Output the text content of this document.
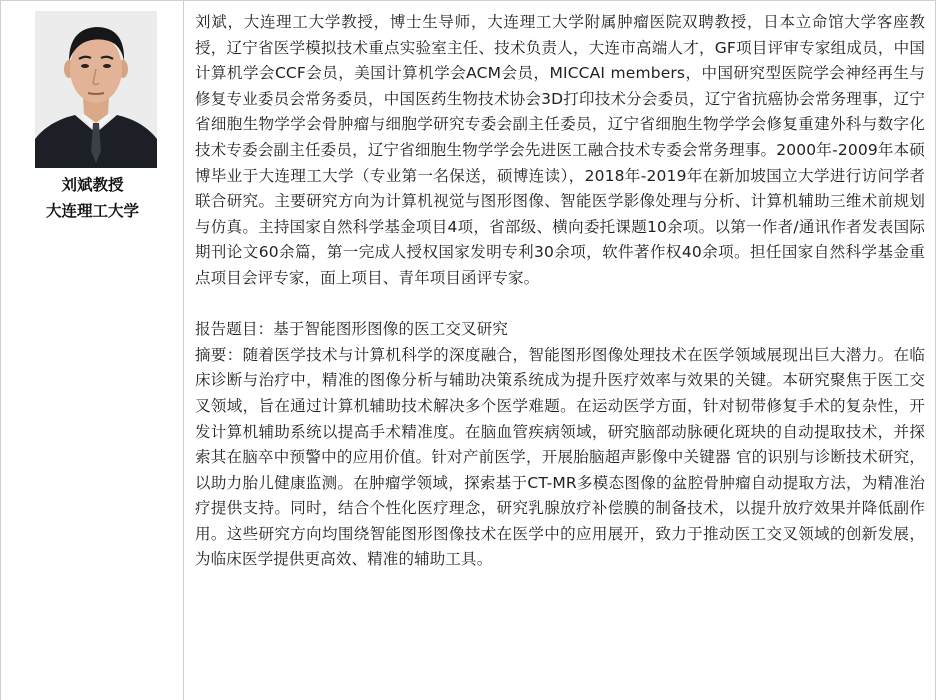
刘斌教授
大连理工大学

刘斌，大连理工大学教授，博士生导师，大连理工大学附属肿瘤医院双聘教授，日本立命馆大学客座教授，辽宁省医学模拟技术重点实验室主任、技术负责人，大连市高端人才，GF项目评审专家组成员，中国计算机学会CCF会员，美国计算机学会ACM会员，MICCAI members，中国研究型医院学会神经再生与修复专业委员会常务委员，中国医药生物技术协会3D打印技术分会委员，辽宁省抗癌协会常务理事，辽宁省细胞生物学学会骨肿瘤与细胞学研究专委会副主任委员，辽宁省细胞生物学学会修复重建外科与数字化技术专委会副主任委员，辽宁省细胞生物学学会先进医工融合技术专委会常务理事。2000年-2009年本硕博毕业于大连理工大学（专业第一名保送，硕博连读），2018年-2019年在新加坡国立大学进行访问学者联合研究。主要研究方向为计算机视觉与图形图像、智能医学影像处理与分析、计算机辅助三维术前规划与仿真。主持国家自然科学基金项目4项，省部级、横向委托课题10余项。以第一作者/通讯作者发表国际期刊论文60余篇，第一完成人授权国家发明专利30余项，软件著作权40余项。担任国家自然科学基金重点项目会评专家，面上项目、青年项目函评专家。

报告题目：基于智能图形图像的医工交叉研究

摘要：随着医学技术与计算机科学的深度融合，智能图形图像处理技术在医学领域展现出巨大潜力。在临床诊断与治疗中，精准的图像分析与辅助决策系统成为提升医疗效率与效果的关键。本研究聚焦于医工交叉领域，旨在通过计算机辅助技术解决多个医学难题。在运动医学方面，针对韧带修复手术的复杂性，开发计算机辅助系统以提高手术精准度。在脑血管疾病领域，研究脑部动脉硬化斑块的自动提取技术，并探索其在脑卒中预警中的应用价值。针对产前医学，开展胎脑超声影像中关键器 官的识别与诊断技术研究，以助力胎儿健康监测。在肿瘤学领域，探索基于CT-MR多模态图像的盆腔骨肿瘤自动提取方法，为精准治疗提供支持。同时，结合个性化医疗理念，研究乳腺放疗补偿膜的制备技术，以提升放疗效果并降低副作用。这些研究方向均围绕智能图形图像技术在医学中的应用展开，致力于推动医工交叉领域的创新发展，为临床医学提供更高效、精准的辅助工具。
